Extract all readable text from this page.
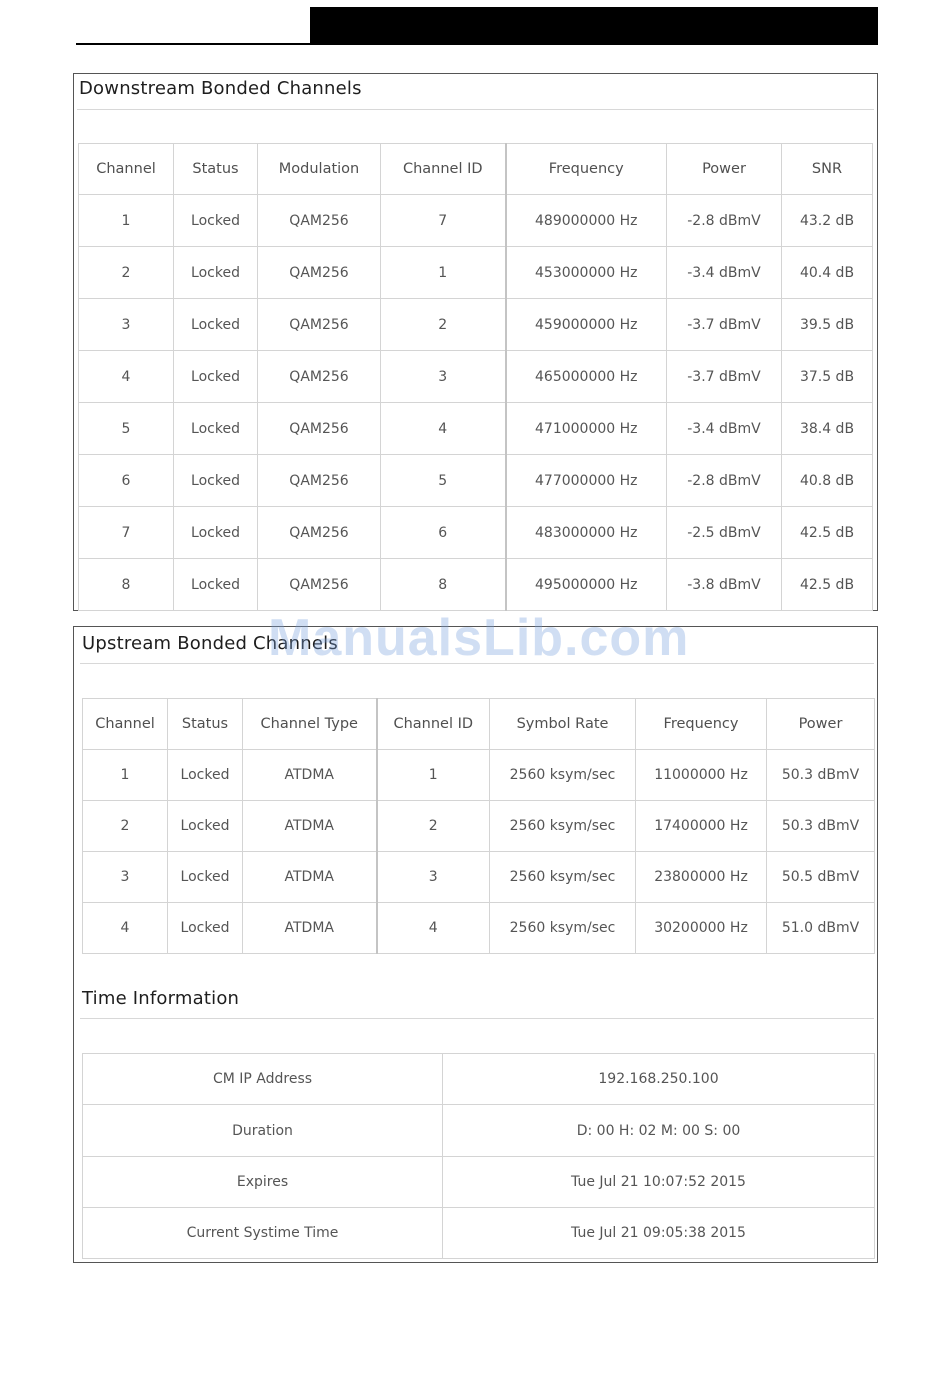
Downstream Bonded Channels
Channel	Status	Modulation	Channel ID	Frequency	Power	SNR
1	Locked	QAM256	7	489000000 Hz	-2.8 dBmV	43.2 dB
2	Locked	QAM256	1	453000000 Hz	-3.4 dBmV	40.4 dB
3	Locked	QAM256	2	459000000 Hz	-3.7 dBmV	39.5 dB
4	Locked	QAM256	3	465000000 Hz	-3.7 dBmV	37.5 dB
5	Locked	QAM256	4	471000000 Hz	-3.4 dBmV	38.4 dB
6	Locked	QAM256	5	477000000 Hz	-2.8 dBmV	40.8 dB
7	Locked	QAM256	6	483000000 Hz	-2.5 dBmV	42.5 dB
8	Locked	QAM256	8	495000000 Hz	-3.8 dBmV	42.5 dB
Upstream Bonded Channels
Channel	Status	Channel Type	Channel ID	Symbol Rate	Frequency	Power
1	Locked	ATDMA	1	2560 ksym/sec	11000000 Hz	50.3 dBmV
2	Locked	ATDMA	2	2560 ksym/sec	17400000 Hz	50.3 dBmV
3	Locked	ATDMA	3	2560 ksym/sec	23800000 Hz	50.5 dBmV
4	Locked	ATDMA	4	2560 ksym/sec	30200000 Hz	51.0 dBmV
Time Information
CM IP Address	192.168.250.100
Duration	D: 00 H: 02 M: 00 S: 00
Expires	Tue Jul 21 10:07:52 2015
Current Systime Time	Tue Jul 21 09:05:38 2015
ManualsLib.com
